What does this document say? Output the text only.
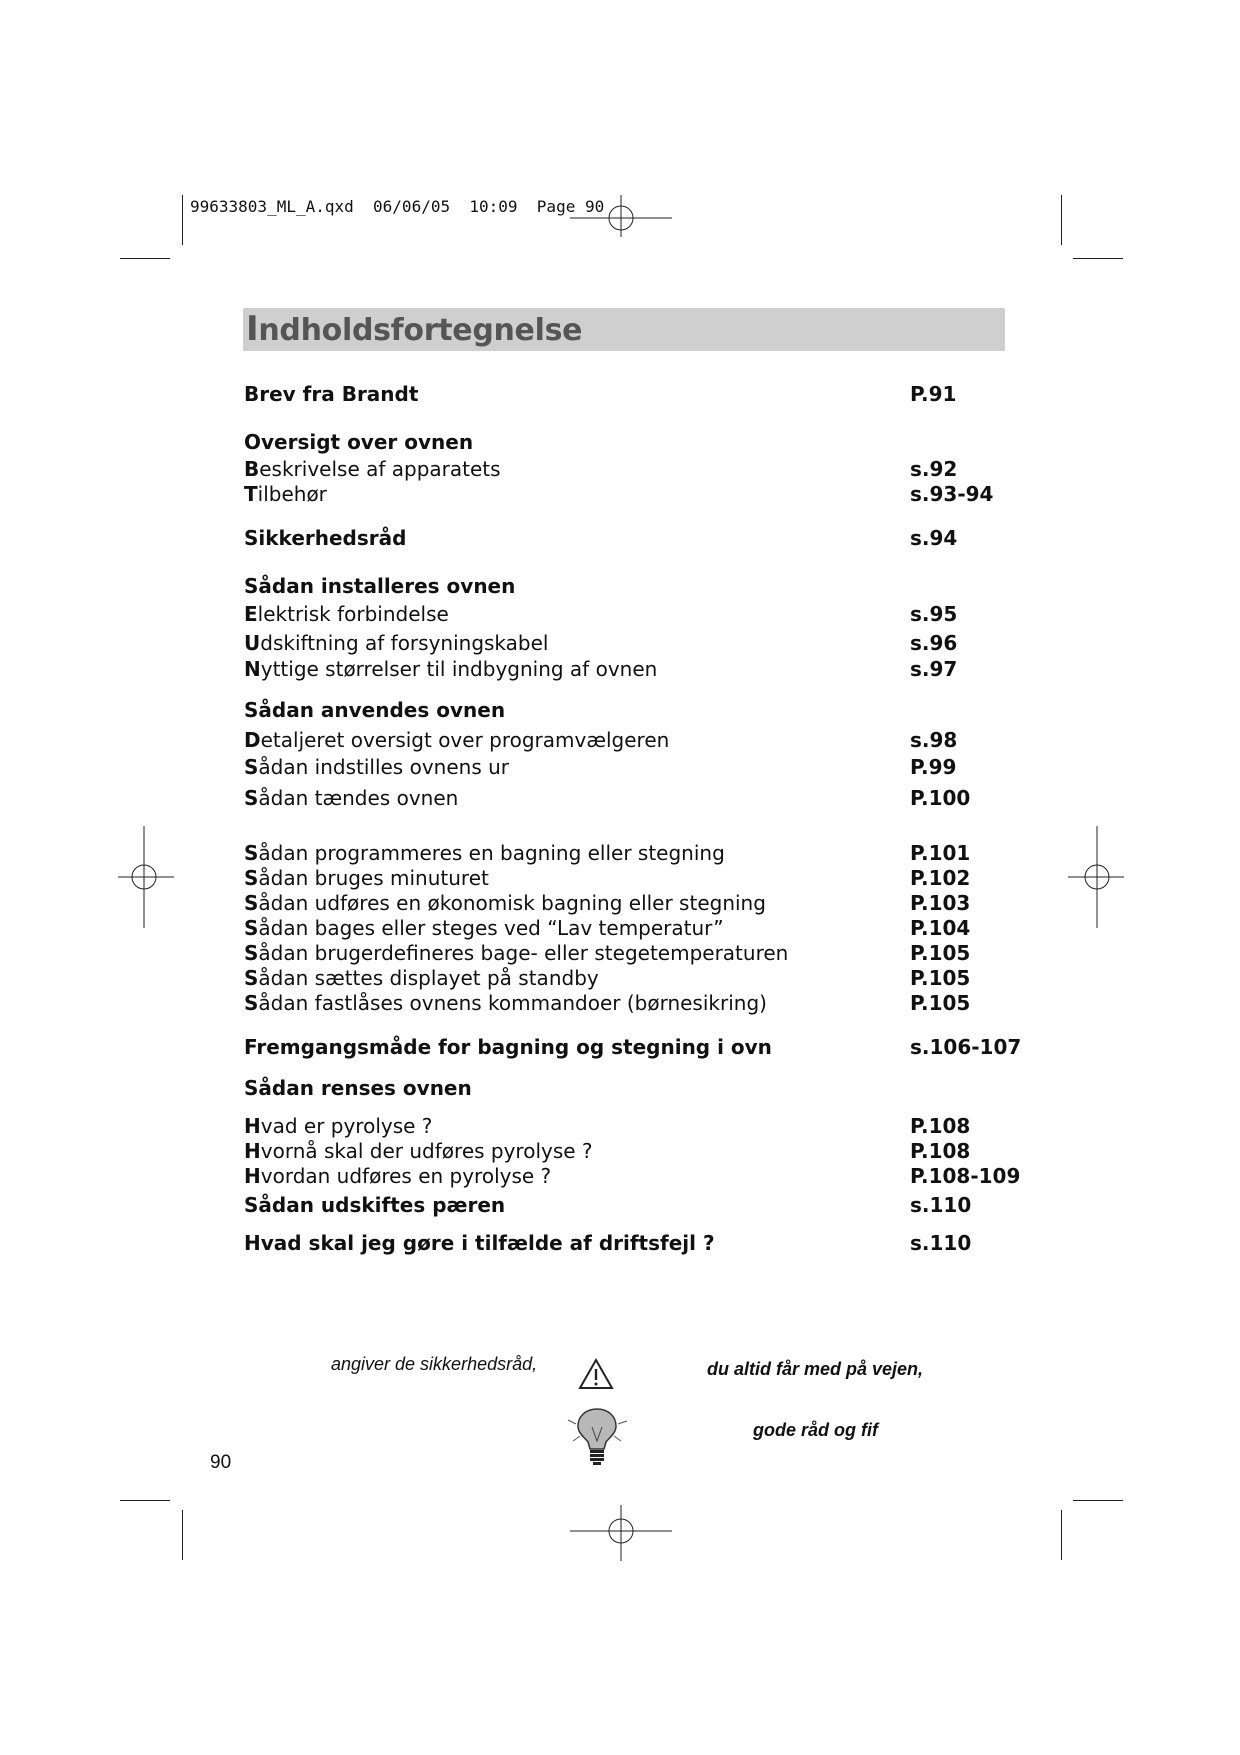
99633803_ML_A.qxd 06/06/05 10:09 Page 90
Indholdsfortegnelse
Brev fra Brandt	P.91
Oversigt over ovnen
Beskrivelse af apparatets	s.92
Tilbehør	s.93-94
Sikkerhedsråd	s.94
Sådan installeres ovnen
Elektrisk forbindelse	s.95
Udskiftning af forsyningskabel	s.96
Nyttige størrelser til indbygning af ovnen	s.97
Sådan anvendes ovnen
Detaljeret oversigt over programvælgeren	s.98
Sådan indstilles ovnens ur	P.99
Sådan tændes ovnen	P.100
Sådan programmeres en bagning eller stegning	P.101
Sådan bruges minuturet	P.102
Sådan udføres en økonomisk bagning eller stegning	P.103
Sådan bages eller steges ved “Lav temperatur”	P.104
Sådan brugerdefineres bage- eller stegetemperaturen	P.105
Sådan sættes displayet på standby	P.105
Sådan fastlåses ovnens kommandoer (børnesikring)	P.105
Fremgangsmåde for bagning og stegning i ovn	s.106-107
Sådan renses ovnen
Hvad er pyrolyse ?	P.108
Hvornå skal der udføres pyrolyse ?	P.108
Hvordan udføres en pyrolyse ?	P.108-109
Sådan udskiftes pæren	s.110
Hvad skal jeg gøre i tilfælde af driftsfejl ?	s.110
angiver de sikkerhedsråd,	du altid får med på vejen,
gode råd og fif
90
